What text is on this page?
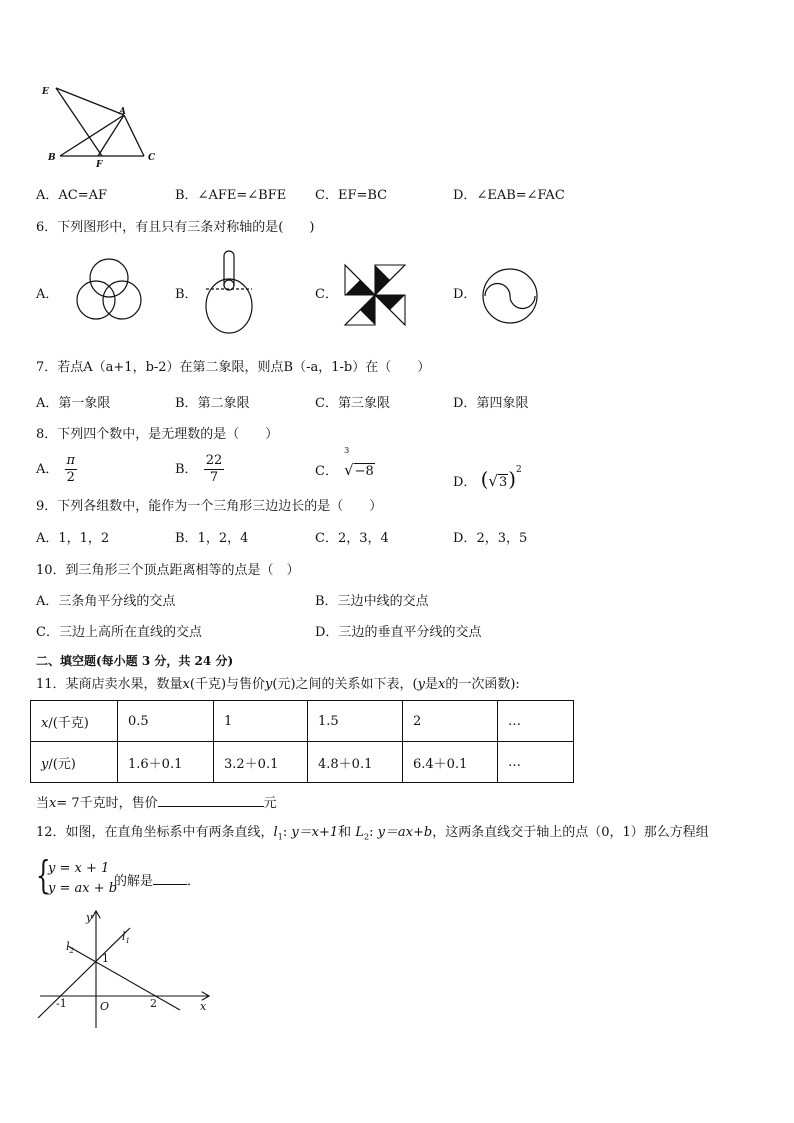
E
A
B
F
C
A．AC=AF	B．∠AFE=∠BFE C．EF=BC	D．∠EAB=∠FAC
6．下列图形中，有且只有三条对称轴的是(　　)
A．	B．	C．	D．
7．若点A（a+1，b-2）在第二象限，则点B（-a，1-b）在（　　）
A．第一象限	B．第二象限	C．第三象限	D．第四象限
8．下列四个数中，是无理数的是（　　）
A． $\frac{\pi}{2}$	B． $\frac{22}{7}$	C．
3
√−8
D． $(√3)^2$
9．下列各组数中，能作为一个三角形三边边长的是（　　）
A．1，1，2	B．1，2，4	C．2，3，4	D．2，3，5
10．到三角形三个顶点距离相等的点是（　）
A．三条角平分线的交点	B．三边中线的交点
C．三边上高所在直线的交点	D．三边的垂直平分线的交点
二、填空题(每小题 3 分，共 24 分)
11．某商店卖水果，数量x(千克)与售价y(元)之间的关系如下表，(y是x的一次函数):
x/(千克)	0.5	1	1.5	2	…
y/(元)	1.6＋0.1	3.2＋0.1	4.8＋0.1	6.4＋0.1	…
当x= 7千克时，售价	元
12．如图，在直角坐标系中有两条直线，$l_1$: y＝x+1和 $L_2$: y＝ax+b，这两条直线交于轴上的点（0，1）那么方程组
{
y = x + 1
y = ax + b
的解是	．
y
x
O
1
-1	2
$l_1$
$l_2$
